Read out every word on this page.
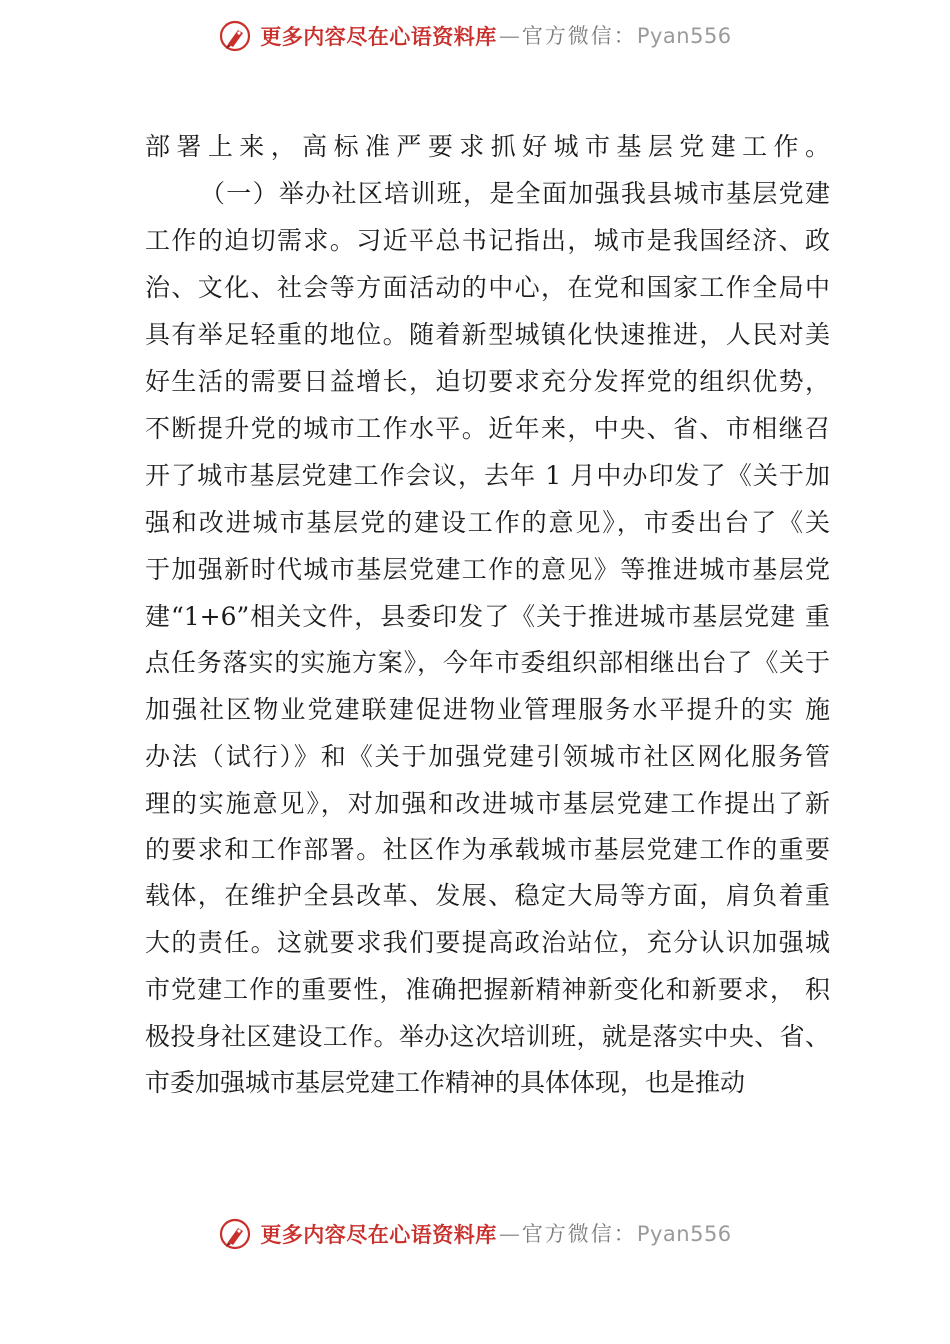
更多内容尽在心语资料库 — 官方微信： Pyan556
部署上来，高标准严要求抓好城市基层党建工作。
（一）举办社区培训班，是全面加强我县城市基层党建
工作的迫切需求。习近平总书记指出，城市是我国经济、政
治、文化、社会等方面活动的中心，在党和国家工作全局中
具有举足轻重的地位。随着新型城镇化快速推进，人民对美
好生活的需要日益增长，迫切要求充分发挥党的组织优势，
不断提升党的城市工作水平。近年来，中央、省、市相继召
开了城市基层党建工作会议，去年 1 月中办印发了《关于加
强和改进城市基层党的建设工作的意见》，市委出台了《关
于加强新时代城市基层党建工作的意见》等推进城市基层党
建“1+6”相关文件，县委印发了《关于推进城市基层党建 重
点任务落实的实施方案》，今年市委组织部相继出台了《关于
加强社区物业党建联建促进物业管理服务水平提升的实 施
办法（试行）》和《关于加强党建引领城市社区网化服务管
理的实施意见》，对加强和改进城市基层党建工作提出了新
的要求和工作部署。社区作为承载城市基层党建工作的重要
载体，在维护全县改革、发展、稳定大局等方面，肩负着重
大的责任。这就要求我们要提高政治站位，充分认识加强城
市党建工作的重要性，准确把握新精神新变化和新要求， 积
极投身社区建设工作。举办这次培训班，就是落实中央、省、
市委加强城市基层党建工作精神的具体体现，也是推动
更多内容尽在心语资料库 — 官方微信： Pyan556
